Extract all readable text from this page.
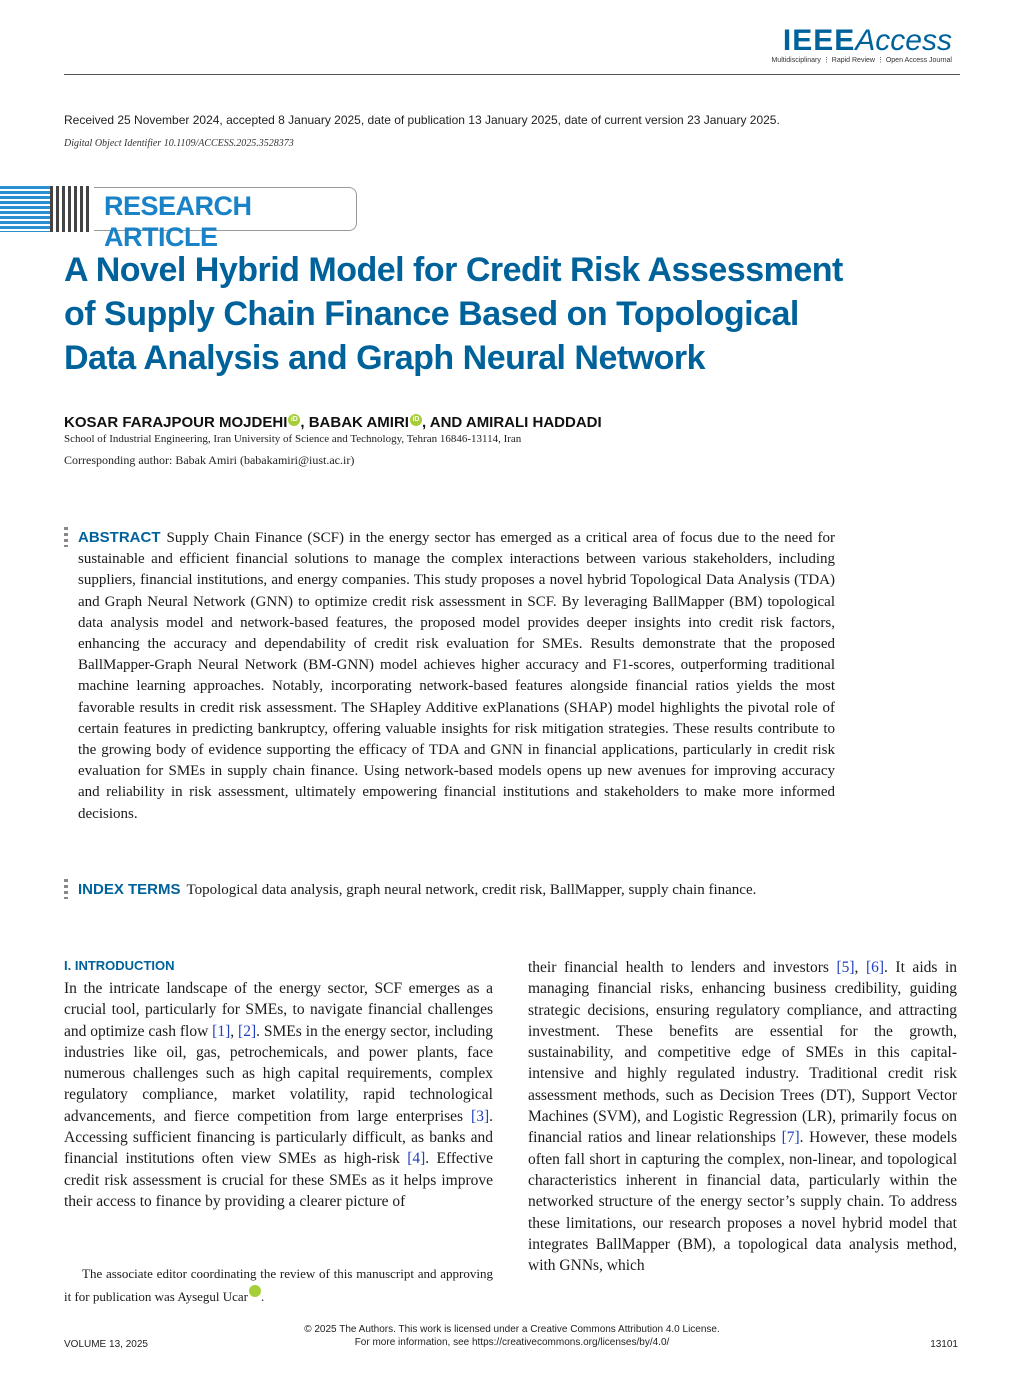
IEEEAccess
Multidisciplinary ⋮ Rapid Review ⋮ Open Access Journal
Received 25 November 2024, accepted 8 January 2025, date of publication 13 January 2025, date of current version 23 January 2025.
Digital Object Identifier 10.1109/ACCESS.2025.3528373
RESEARCH ARTICLE
A Novel Hybrid Model for Credit Risk Assessment
of Supply Chain Finance Based on Topological
Data Analysis and Graph Neural Network
KOSAR FARAJPOUR MOJDEHI iD , BABAK AMIRI iD , AND AMIRALI HADDADI
School of Industrial Engineering, Iran University of Science and Technology, Tehran 16846-13114, Iran
Corresponding author: Babak Amiri (babakamiri@iust.ac.ir)
ABSTRACT Supply Chain Finance (SCF) in the energy sector has emerged as a critical area of focus due to the need for sustainable and efficient financial solutions to manage the complex interactions between various stakeholders, including suppliers, financial institutions, and energy companies. This study proposes a novel hybrid Topological Data Analysis (TDA) and Graph Neural Network (GNN) to optimize credit risk assessment in SCF. By leveraging BallMapper (BM) topological data analysis model and network-based features, the proposed model provides deeper insights into credit risk factors, enhancing the accuracy and dependability of credit risk evaluation for SMEs. Results demonstrate that the proposed BallMapper-Graph Neural Network (BM-GNN) model achieves higher accuracy and F1-scores, outperforming traditional machine learning approaches. Notably, incorporating network-based features alongside financial ratios yields the most favorable results in credit risk assessment. The SHapley Additive exPlanations (SHAP) model highlights the pivotal role of certain features in predicting bankruptcy, offering valuable insights for risk mitigation strategies. These results contribute to the growing body of evidence supporting the efficacy of TDA and GNN in financial applications, particularly in credit risk evaluation for SMEs in supply chain finance. Using network-based models opens up new avenues for improving accuracy and reliability in risk assessment, ultimately empowering financial institutions and stakeholders to make more informed decisions.
INDEX TERMS Topological data analysis, graph neural network, credit risk, BallMapper, supply chain finance.
I. INTRODUCTION
In the intricate landscape of the energy sector, SCF emerges as a crucial tool, particularly for SMEs, to navigate financial challenges and optimize cash flow [1], [2]. SMEs in the energy sector, including industries like oil, gas, petrochemicals, and power plants, face numerous challenges such as high capital requirements, complex regulatory compliance, market volatility, rapid technological advancements, and fierce competition from large enterprises [3]. Accessing sufficient financing is particularly difficult, as banks and financial institutions often view SMEs as high-risk [4]. Effective credit risk assessment is crucial for these SMEs as it helps improve their access to finance by providing a clearer picture of
their financial health to lenders and investors [5], [6]. It aids in managing financial risks, enhancing business credibility, guiding strategic decisions, ensuring regulatory compliance, and attracting investment. These benefits are essential for the growth, sustainability, and competitive edge of SMEs in this capital-intensive and highly regulated industry. Traditional credit risk assessment methods, such as Decision Trees (DT), Support Vector Machines (SVM), and Logistic Regression (LR), primarily focus on financial ratios and linear relationships [7]. However, these models often fall short in capturing the complex, non-linear, and topological characteristics inherent in financial data, particularly within the networked structure of the energy sector’s supply chain. To address these limitations, our research proposes a novel hybrid model that integrates BallMapper (BM), a topological data analysis method, with GNNs, which
The associate editor coordinating the review of this manuscript and approving it for publication was Aysegul Ucar	iD.
© 2025 The Authors. This work is licensed under a Creative Commons Attribution 4.0 License.
For more information, see https://creativecommons.org/licenses/by/4.0/
VOLUME 13, 2025	13101
